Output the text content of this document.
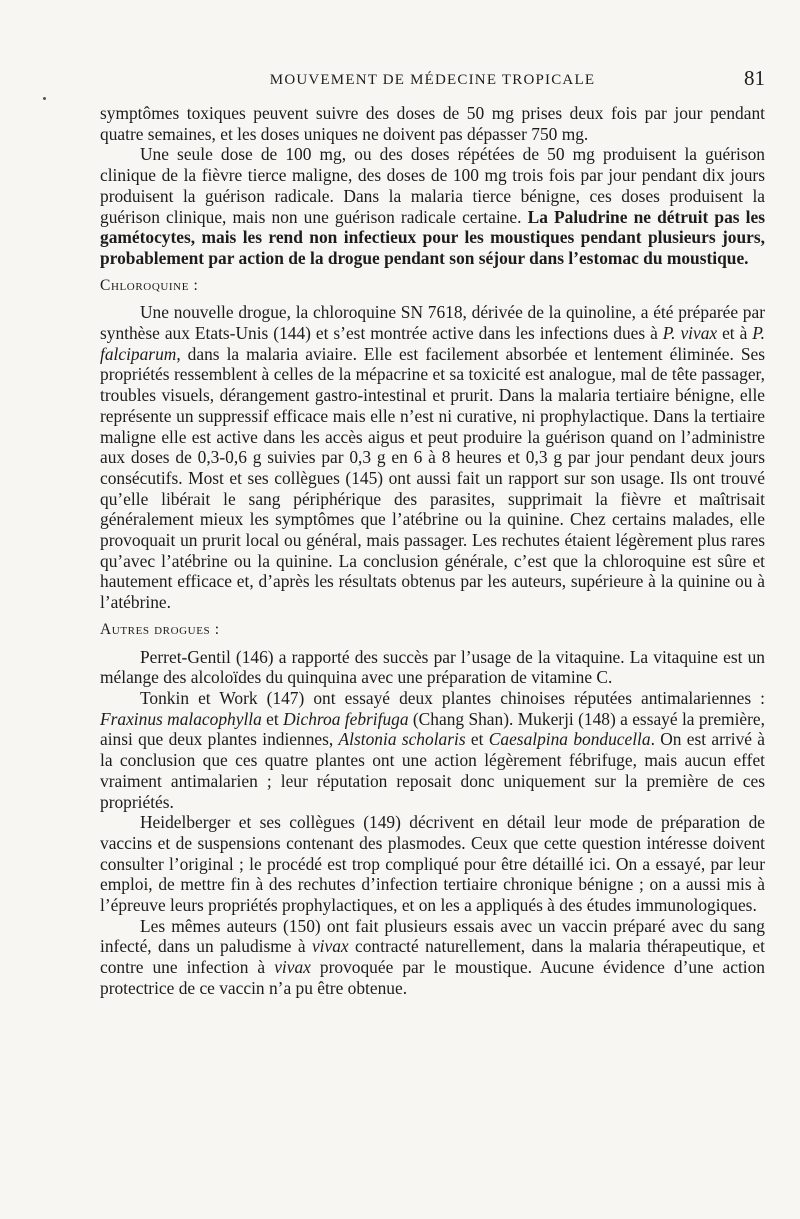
MOUVEMENT DE MÉDECINE TROPICALE	81

symptômes toxiques peuvent suivre des doses de 50 mg prises deux fois par jour pendant quatre semaines, et les doses uniques ne doivent pas dépasser 750 mg.

Une seule dose de 100 mg, ou des doses répétées de 50 mg produisent la guérison clinique de la fièvre tierce maligne, des doses de 100 mg trois fois par jour pendant dix jours produisent la guérison radicale. Dans la malaria tierce bénigne, ces doses produisent la guérison clinique, mais non une guérison radicale certaine. La Paludrine ne détruit pas les gamétocytes, mais les rend non infectieux pour les moustiques pendant plusieurs jours, probablement par action de la drogue pendant son séjour dans l’estomac du moustique.

Chloroquine :

Une nouvelle drogue, la chloroquine SN 7618, dérivée de la quinoline, a été préparée par synthèse aux Etats-Unis (144) et s’est montrée active dans les infections dues à P. vivax et à P. falciparum, dans la malaria aviaire. Elle est facilement absorbée et lentement éliminée. Ses propriétés ressemblent à celles de la mépacrine et sa toxicité est analogue, mal de tête passager, troubles visuels, dérangement gastro-intestinal et prurit. Dans la malaria tertiaire bénigne, elle représente un suppressif efficace mais elle n’est ni curative, ni prophylactique. Dans la tertiaire maligne elle est active dans les accès aigus et peut produire la guérison quand on l’administre aux doses de 0,3-0,6 g suivies par 0,3 g en 6 à 8 heures et 0,3 g par jour pendant deux jours consécutifs. Most et ses collègues (145) ont aussi fait un rapport sur son usage. Ils ont trouvé qu’elle libérait le sang périphérique des parasites, supprimait la fièvre et maîtrisait généralement mieux les symptômes que l’atébrine ou la quinine. Chez certains malades, elle provoquait un prurit local ou général, mais passager. Les rechutes étaient légèrement plus rares qu’avec l’atébrine ou la quinine. La conclusion générale, c’est que la chloroquine est sûre et hautement efficace et, d’après les résultats obtenus par les auteurs, supérieure à la quinine ou à l’atébrine.

Autres drogues :

Perret-Gentil (146) a rapporté des succès par l’usage de la vitaquine. La vitaquine est un mélange des alcoloïdes du quinquina avec une préparation de vitamine C.

Tonkin et Work (147) ont essayé deux plantes chinoises réputées antimalariennes : Fraxinus malacophylla et Dichroa febrifuga (Chang Shan). Mukerji (148) a essayé la première, ainsi que deux plantes indiennes, Alstonia scholaris et Caesalpina bonducella. On est arrivé à la conclusion que ces quatre plantes ont une action légèrement fébrifuge, mais aucun effet vraiment antimalarien ; leur réputation reposait donc uniquement sur la première de ces propriétés.

Heidelberger et ses collègues (149) décrivent en détail leur mode de préparation de vaccins et de suspensions contenant des plasmodes. Ceux que cette question intéresse doivent consulter l’original ; le procédé est trop compliqué pour être détaillé ici. On a essayé, par leur emploi, de mettre fin à des rechutes d’infection tertiaire chronique bénigne ; on a aussi mis à l’épreuve leurs propriétés prophylactiques, et on les a appliqués à des études immunologiques.

Les mêmes auteurs (150) ont fait plusieurs essais avec un vaccin préparé avec du sang infecté, dans un paludisme à vivax contracté naturellement, dans la malaria thérapeutique, et contre une infection à vivax provoquée par le moustique. Aucune évidence d’une action protectrice de ce vaccin n’a pu être obtenue.
